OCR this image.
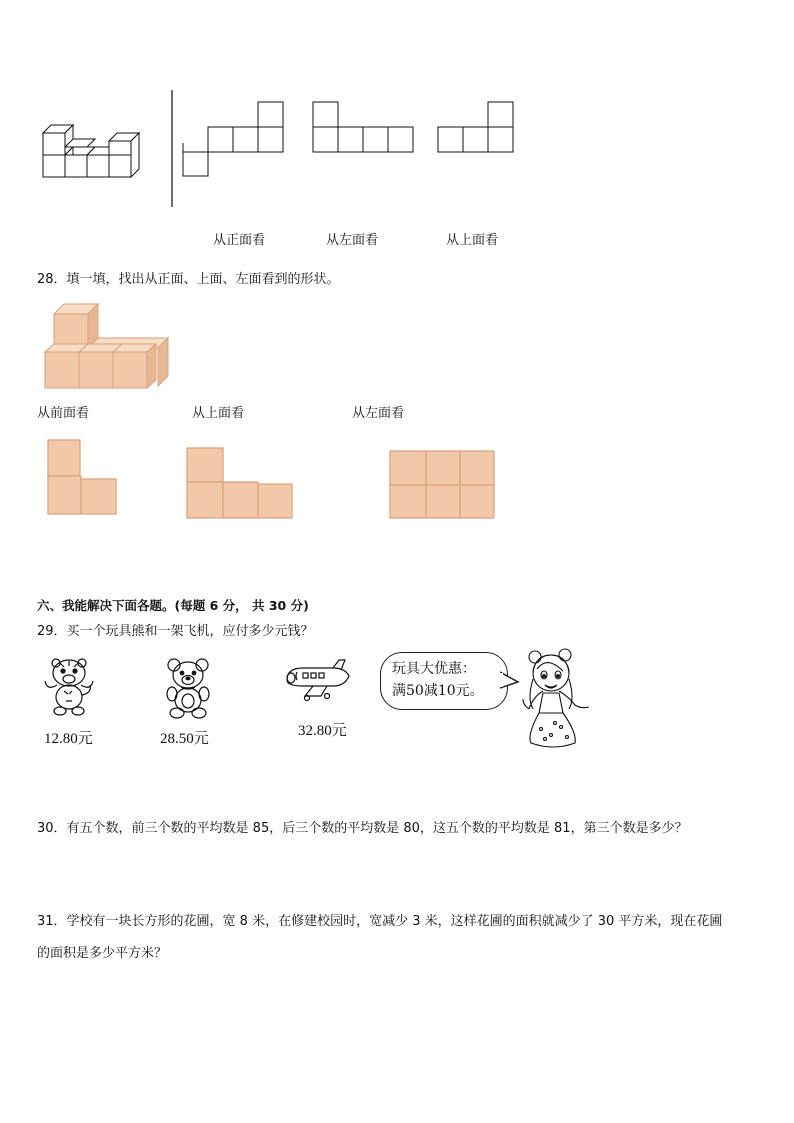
从正面看	从左面看	从上面看
28．填一填，找出从正面、上面、左面看到的形状。
从前面看	从上面看	从左面看
六、我能解决下面各题。(每题 6 分， 共 30 分)
29．买一个玩具熊和一架飞机，应付多少元钱？
12.80元	28.50元	32.80元
玩具大优惠：
满50减10元。
30．有五个数，前三个数的平均数是 85，后三个数的平均数是 80，这五个数的平均数是 81，第三个数是多少？
31．学校有一块长方形的花圃，宽 8 米，在修建校园时，宽减少 3 米，这样花圃的面积就减少了 30 平方米，现在花圃
的面积是多少平方米？
